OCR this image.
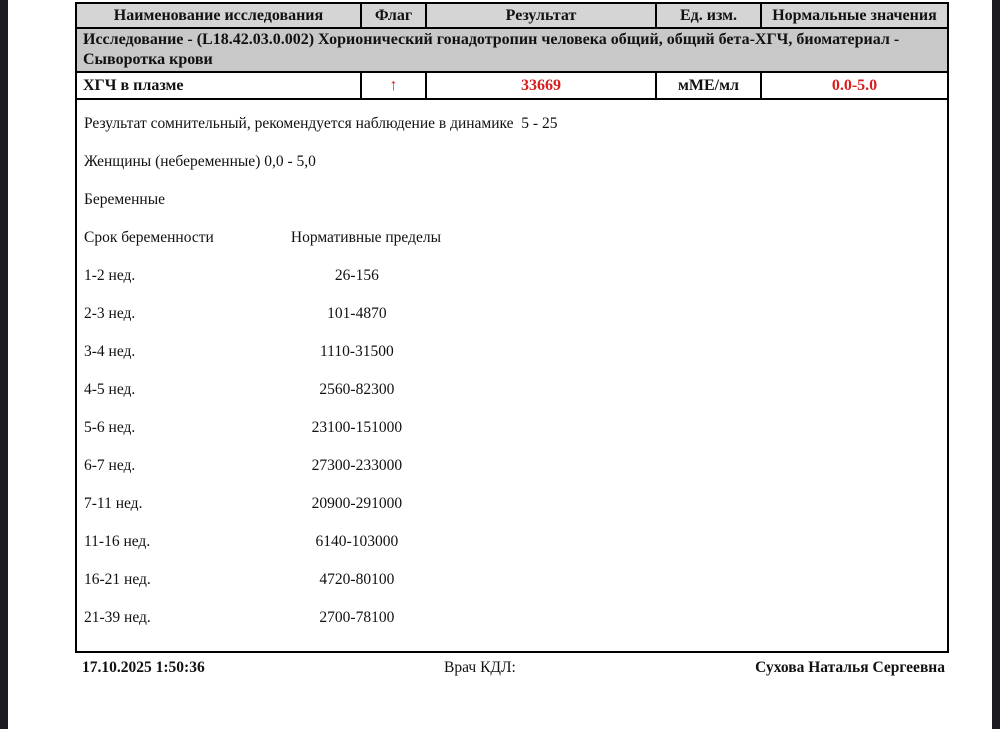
Наименование исследования	Флаг	Результат	Ед. изм.	Нормальные значения
Исследование - (L18.42.03.0.002) Хорионический гонадотропин человека общий, общий бета-ХГЧ, биоматериал - Сыворотка крови				
ХГЧ в плазме	↑	33669	мМЕ/мл	0.0-5.0

Результат сомнительный, рекомендуется наблюдение в динамике  5 - 25
Женщины (небеременные) 0,0 - 5,0
Беременные
Срок беременности	Нормативные пределы
1-2 нед.	26-156
2-3 нед.	101-4870
3-4 нед.	1110-31500
4-5 нед.	2560-82300
5-6 нед.	23100-151000
6-7 нед.	27300-233000
7-11 нед.	20900-291000
11-16 нед.	6140-103000
16-21 нед.	4720-80100
21-39 нед.	2700-78100
17.10.2025 1:50:36	Врач КДЛ:	Сухова Наталья Сергеевна
